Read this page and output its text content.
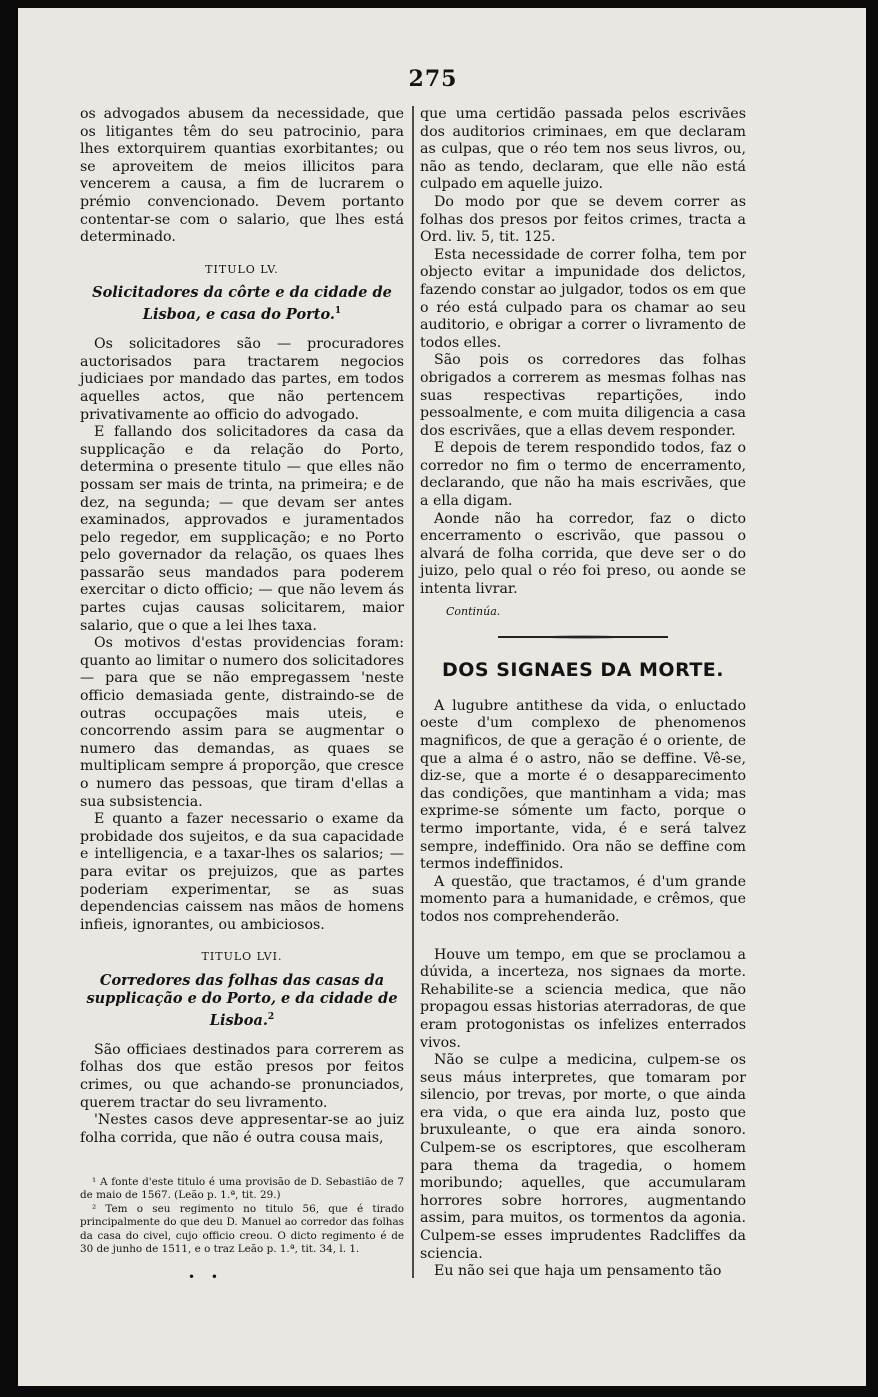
275

os advogados abusem da necessidade, que os litigantes têm do seu patrocinio, para lhes extorquirem quantias exorbitantes; ou se aproveitem de meios illicitos para vencerem a causa, a fim de lucrarem o prémio convencionado. Devem portanto contentar-se com o salario, que lhes está determinado.

TITULO LV.
Solicitadores da côrte e da cidade de Lisboa, e casa do Porto.$^1$

Os solicitadores são — procuradores auctorisados para tractarem negocios judiciaes por mandado das partes, em todos aquelles actos, que não pertencem privativamente ao officio do advogado.

E fallando dos solicitadores da casa da supplicação e da relação do Porto, determina o presente titulo — que elles não possam ser mais de trinta, na primeira; e de dez, na segunda; — que devam ser antes examinados, approvados e juramentados pelo regedor, em supplicação; e no Porto pelo governador da relação, os quaes lhes passarão seus mandados para poderem exercitar o dicto officio; — que não levem ás partes cujas causas solicitarem, maior salario, que o que a lei lhes taxa.

Os motivos d'estas providencias foram: quanto ao limitar o numero dos solicitadores — para que se não empregassem 'neste officio demasiada gente, distraindo-se de outras occupações mais uteis, e concorrendo assim para se augmentar o numero das demandas, as quaes se multiplicam sempre á proporção, que cresce o numero das pessoas, que tiram d'ellas a sua subsistencia.

E quanto a fazer necessario o exame da probidade dos sujeitos, e da sua capacidade e intelligencia, e a taxar-lhes os salarios; — para evitar os prejuizos, que as partes poderiam experimentar, se as suas dependencias caissem nas mãos de homens infieis, ignorantes, ou ambiciosos.

TITULO LVI.
Corredores das folhas das casas da supplicação e do Porto, e da cidade de Lisboa.$^2$

São officiaes destinados para correrem as folhas dos que estão presos por feitos crimes, ou que achando-se pronunciados, querem tractar do seu livramento.

'Nestes casos deve appresentar-se ao juiz folha corrida, que não é outra cousa mais,

¹ A fonte d'este titulo é uma provisão de D. Sebastião de 7 de maio de 1567. (Leão p. 1.ª, tit. 29.)

² Tem o seu regimento no titulo 56, que é tirado principalmente do que deu D. Manuel ao corredor das folhas da casa do civel, cujo officio creou. O dicto regimento é de 30 de junho de 1511, e o traz Leão p. 1.ª, tit. 34, l. 1.

• •

que uma certidão passada pelos escrivães dos auditorios criminaes, em que declaram as culpas, que o réo tem nos seus livros, ou, não as tendo, declaram, que elle não está culpado em aquelle juizo.

Do modo por que se devem correr as folhas dos presos por feitos crimes, tracta a Ord. liv. 5, tit. 125.

Esta necessidade de correr folha, tem por objecto evitar a impunidade dos delictos, fazendo constar ao julgador, todos os em que o réo está culpado para os chamar ao seu auditorio, e obrigar a correr o livramento de todos elles.

São pois os corredores das folhas obrigados a correrem as mesmas folhas nas suas respectivas repartições, indo pessoalmente, e com muita diligencia a casa dos escrivães, que a ellas devem responder.

E depois de terem respondido todos, faz o corredor no fim o termo de encerramento, declarando, que não ha mais escrivães, que a ella digam.

Aonde não ha corredor, faz o dicto encerramento o escrivão, que passou o alvará de folha corrida, que deve ser o do juizo, pelo qual o réo foi preso, ou aonde se intenta livrar.

Continúa.
DOS SIGNAES DA MORTE.

A lugubre antithese da vida, o enluctado oeste d'um complexo de phenomenos magnificos, de que a geração é o oriente, de que a alma é o astro, não se deffine. Vê-se, diz-se, que a morte é o desapparecimento das condições, que mantinham a vida; mas exprime-se sómente um facto, porque o termo importante, vida, é e será talvez sempre, indeffinido. Ora não se deffine com termos indeffinidos.

A questão, que tractamos, é d'um grande momento para a humanidade, e crêmos, que todos nos comprehenderão.

Houve um tempo, em que se proclamou a dúvida, a incerteza, nos signaes da morte. Rehabilite-se a sciencia medica, que não propagou essas historias aterradoras, de que eram protogonistas os infelizes enterrados vivos.

Não se culpe a medicina, culpem-se os seus máus interpretes, que tomaram por silencio, por trevas, por morte, o que ainda era vida, o que era ainda luz, posto que bruxuleante, o que era ainda sonoro. Culpem-se os escriptores, que escolheram para thema da tragedia, o homem moribundo; aquelles, que accumularam horrores sobre horrores, augmentando assim, para muitos, os tormentos da agonia. Culpem-se esses imprudentes Radcliffes da sciencia.

Eu não sei que haja um pensamento tão
